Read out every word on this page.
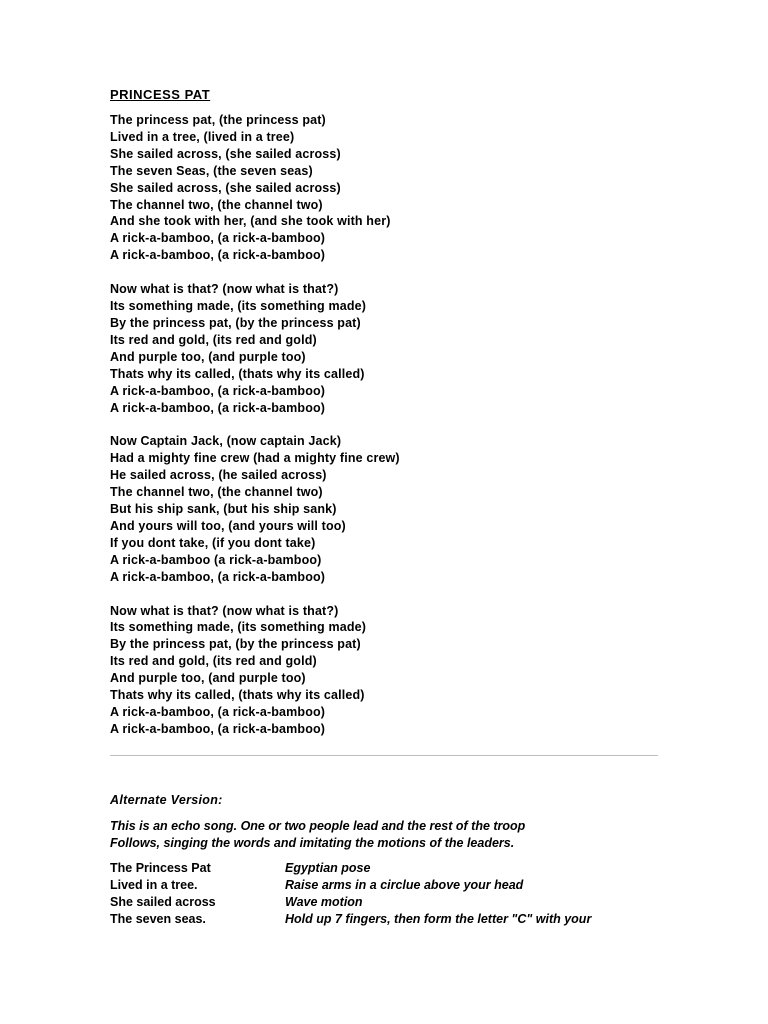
PRINCESS PAT
The princess pat, (the princess pat)
Lived in a tree, (lived in a tree)
She sailed across, (she sailed across)
The seven Seas, (the seven seas)
She sailed across, (she sailed across)
The channel two, (the channel two)
And she took with her, (and she took with her)
A rick-a-bamboo, (a rick-a-bamboo)
A rick-a-bamboo, (a rick-a-bamboo)
Now what is that? (now what is that?)
Its something made, (its something made)
By the princess pat, (by the princess pat)
Its red and gold, (its red and gold)
And purple too, (and purple too)
Thats why its called, (thats why its called)
A rick-a-bamboo, (a rick-a-bamboo)
A rick-a-bamboo, (a rick-a-bamboo)
Now Captain Jack, (now captain Jack)
Had a mighty fine crew (had a mighty fine crew)
He sailed across, (he sailed across)
The channel two, (the channel two)
But his ship sank, (but his ship sank)
And yours will too, (and yours will too)
If you dont take, (if you dont take)
A rick-a-bamboo (a rick-a-bamboo)
A rick-a-bamboo, (a rick-a-bamboo)
Now what is that? (now what is that?)
Its something made, (its something made)
By the princess pat, (by the princess pat)
Its red and gold, (its red and gold)
And purple too, (and purple too)
Thats why its called, (thats why its called)
A rick-a-bamboo, (a rick-a-bamboo)
A rick-a-bamboo, (a rick-a-bamboo)
Alternate Version:
This is an echo song. One or two people lead and the rest of the troop
Follows, singing the words and imitating the motions of the leaders.
The Princess Pat	Egyptian pose
Lived in a tree.	Raise arms in a circlue above your head
She sailed across	Wave motion
The seven seas.	Hold up 7 fingers, then form the letter "C" with your
